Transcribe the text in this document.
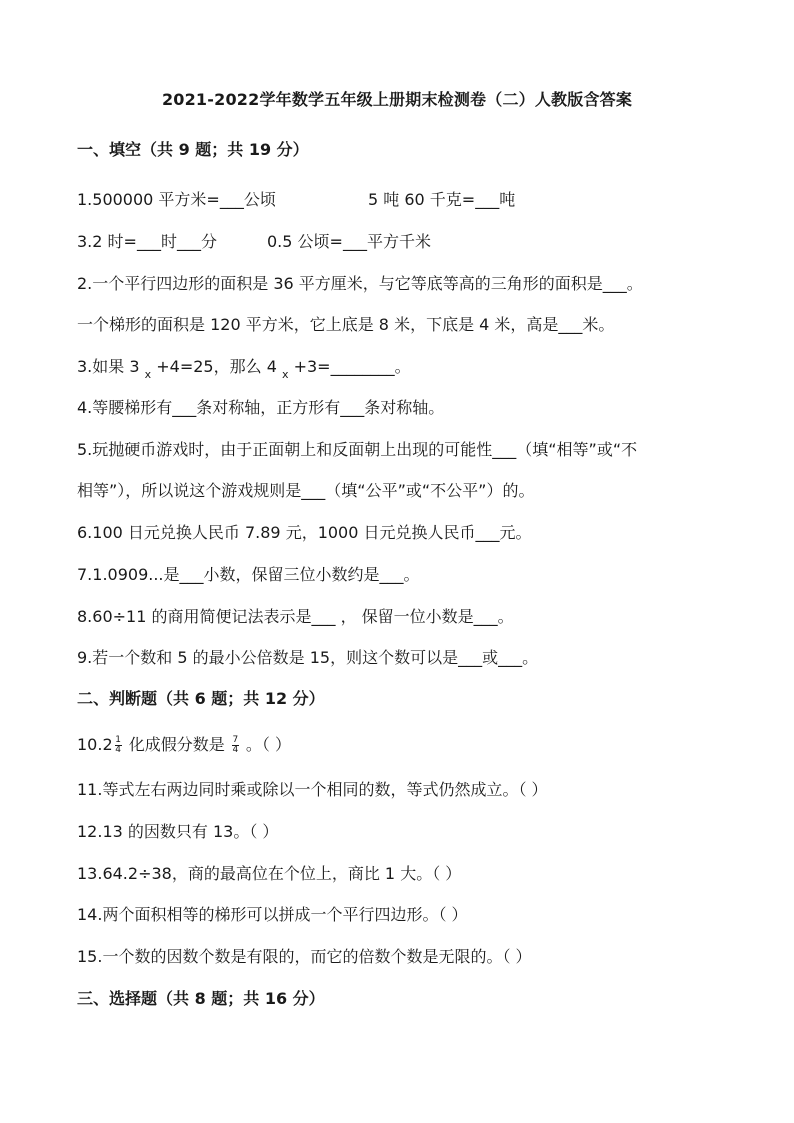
2021-2022学年数学五年级上册期末检测卷（二）人教版含答案
一、填空（共 9 题；共 19 分）
1.500000 平方米=___公顷	5 吨 60 千克=___吨
3.2 时=___时___分	0.5 公顷=___平方千米
2.一个平行四边形的面积是 36 平方厘米，与它等底等高的三角形的面积是___。
一个梯形的面积是 120 平方米，它上底是 8 米，下底是 4 米，高是___米。
3.如果 3 $_x$ +4=25，那么 4 $_x$ +3=________。
4.等腰梯形有___条对称轴，正方形有___条对称轴。
5.玩抛硬币游戏时，由于正面朝上和反面朝上出现的可能性___（填“相等”或“不
相等”），所以说这个游戏规则是___（填“公平”或“不公平”）的。
6.100 日元兑换人民币 7.89 元，1000 日元兑换人民币___元。
7.1.0909...是___小数，保留三位小数约是___。
8.60÷11 的商用简便记法表示是___ ， 保留一位小数是___。
9.若一个数和 5 的最小公倍数是 15，则这个数可以是___或___。
二、判断题（共 6 题；共 12 分）
$10.2 \frac{1}{4}$ 化成假分数是 $\frac{7}{4}$ 。（ ）
11.等式左右两边同时乘或除以一个相同的数，等式仍然成立。（ ）
12.13 的因数只有 13。（ ）
13.64.2÷38，商的最高位在个位上，商比 1 大。（ ）
14.两个面积相等的梯形可以拼成一个平行四边形。（ ）
15.一个数的因数个数是有限的，而它的倍数个数是无限的。（ ）
三、选择题（共 8 题；共 16 分）
